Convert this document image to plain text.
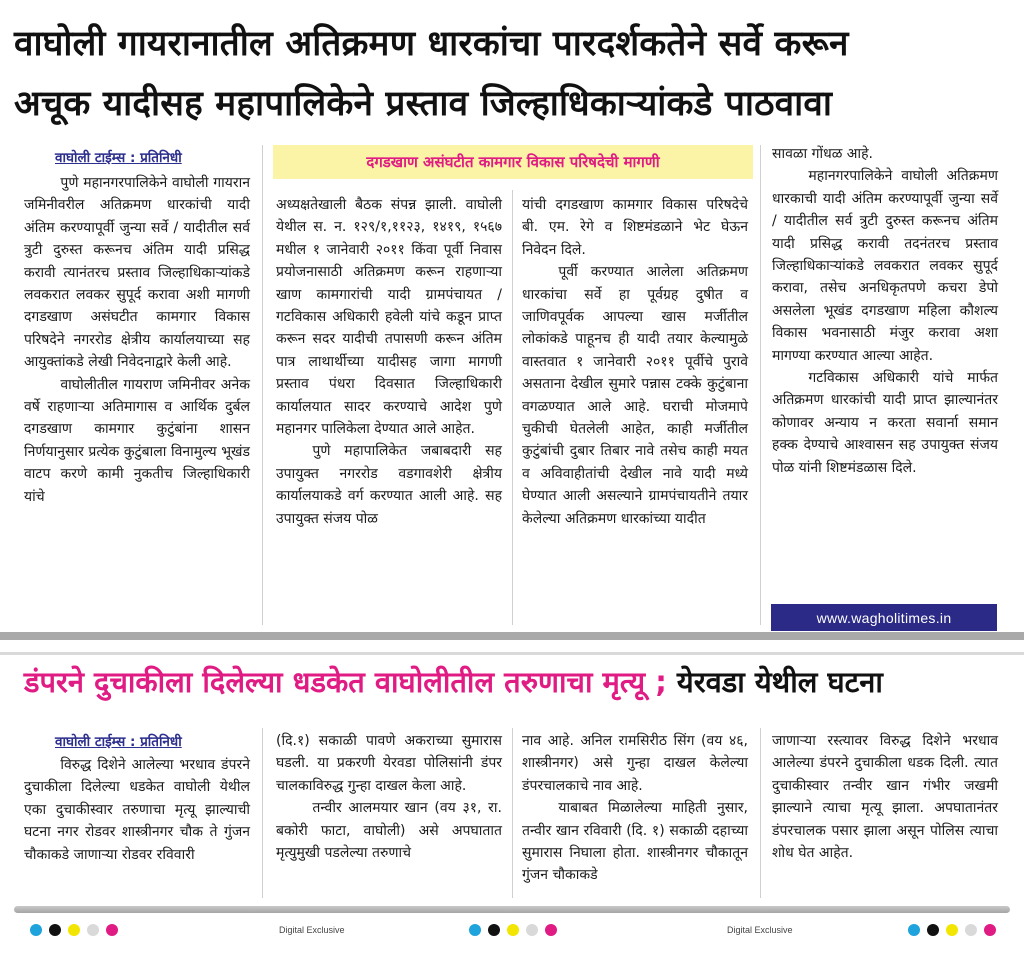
वाघोली गायरानातील अतिक्रमण धारकांचा पारदर्शकतेने सर्वे करून
अचूक यादीसह महापालिकेने प्रस्ताव जिल्हाधिकाऱ्यांकडे पाठवावा
वाघोली टाईम्स : प्रतिनिधी	दगडखाण असंघटीत कामगार विकास परिषदेची मागणी

पुणे महानगरपालिकेने वाघोली गायरान जमिनीवरील अतिक्रमण धारकांची यादी अंतिम करण्यापूर्वी जुन्या सर्वे / यादीतील सर्व त्रुटी दुरुस्त करूनच अंतिम यादी प्रसिद्ध करावी त्यानंतरच प्रस्ताव जिल्हाधिकाऱ्यांकडे लवकरात लवकर सुपूर्द करावा अशी मागणी दगडखाण असंघटीत कामगार विकास परिषदेने नगररोड क्षेत्रीय कार्यालयाच्या सह आयुक्तांकडे लेखी निवेदनाद्वारे केली आहे.

वाघोलीतील गायराण जमिनीवर अनेक वर्षे राहणाऱ्या अतिमागास व आर्थिक दुर्बल दगडखाण कामगार कुटुंबांना शासन निर्णयानुसार प्रत्येक कुटुंबाला विनामुल्य भूखंड वाटप करणे कामी नुकतीच जिल्हाधिकारी यांचे

अध्यक्षतेखाली बैठक संपन्न झाली. वाघोली येथील स. न. १२९/१,११२३, १४१९, १५६७ मधील १ जानेवारी २०११ किंवा पूर्वी निवास प्रयोजनासाठी अतिक्रमण करून राहणाऱ्या खाण कामगारांची यादी ग्रामपंचायत / गटविकास अधिकारी हवेली यांचे कडून प्राप्त करून सदर यादीची तपासणी करून अंतिम पात्र लाथार्थीच्या यादीसह जागा मागणी प्रस्ताव पंधरा दिवसात जिल्हाधिकारी कार्यालयात सादर करण्याचे आदेश पुणे महानगर पालिकेला देण्यात आले आहेत.

पुणे महापालिकेत जबाबदारी सह उपायुक्त नगररोड वडगावशेरी क्षेत्रीय कार्यालयाकडे वर्ग करण्यात आली आहे. सह उपायुक्त संजय पोळ

यांची दगडखाण कामगार विकास परिषदेचे बी. एम. रेगे व शिष्टमंडळाने भेट घेऊन निवेदन दिले.

पूर्वी करण्यात आलेला अतिक्रमण धारकांचा सर्वे हा पूर्वग्रह दुषीत व जाणिवपूर्वक आपल्या खास मर्जीतील लोकांकडे पाहूनच ही यादी तयार केल्यामुळे वास्तवात १ जानेवारी २०११ पूर्वीचे पुरावे असताना देखील सुमारे पन्नास टक्के कुटुंबाना वगळण्यात आले आहे. घराची मोजमापे चुकीची घेतलेली आहेत, काही मर्जीतील कुटुंबांची दुबार तिबार नावे तसेच काही मयत व अविवाहीतांची देखील नावे यादी मध्ये घेण्यात आली असल्याने ग्रामपंचायतीने तयार केलेल्या अतिक्रमण धारकांच्या यादीत

सावळा गोंधळ आहे.

महानगरपालिकेने वाघोली अतिक्रमण धारकाची यादी अंतिम करण्यापूर्वी जुन्या सर्वे / यादीतील सर्व त्रुटी दुरुस्त करूनच अंतिम यादी प्रसिद्ध करावी तदनंतरच प्रस्ताव जिल्हाधिकाऱ्यांकडे लवकरात लवकर सुपूर्द करावा, तसेच अनधिकृतपणे कचरा डेपो असलेला भूखंड दगडखाण महिला कौशल्य विकास भवनासाठी मंजुर करावा अशा मागण्या करण्यात आल्या आहेत.

गटविकास अधिकारी यांचे मार्फत अतिक्रमण धारकांची यादी प्राप्त झाल्यानंतर कोणावर अन्याय न करता सवार्ना समान हक्क देण्याचे आश्वासन सह उपायुक्त संजय पोळ यांनी शिष्टमंडळास दिले.

www.wagholitimes.in
डंपरने दुचाकीला दिलेल्या धडकेत वाघोलीतील तरुणाचा मृत्यू ; येरवडा येथील घटना
वाघोली टाईम्स : प्रतिनिधी

विरुद्ध दिशेने आलेल्या भरधाव डंपरने दुचाकीला दिलेल्या धडकेत वाघोली येथील एका दुचाकीस्वार तरुणाचा मृत्यू झाल्याची घटना नगर रोडवर शास्त्रीनगर चौक ते गुंजन चौकाकडे जाणाऱ्या रोडवर रविवारी

(दि.१) सकाळी पावणे अकराच्या सुमारास घडली. या प्रकरणी येरवडा पोलिसांनी डंपर चालकाविरुद्ध गुन्हा दाखल केला आहे.

तन्वीर आलमयार खान (वय ३१, रा. बकोरी फाटा, वाघोली) असे अपघातात मृत्युमुखी पडलेल्या तरुणाचे

नाव आहे. अनिल रामसिरीठ सिंग (वय ४६, शास्त्रीनगर) असे गुन्हा दाखल केलेल्या डंपरचालकाचे नाव आहे.

याबाबत मिळालेल्या माहिती नुसार, तन्वीर खान रविवारी (दि. १) सकाळी दहाच्या सुमारास निघाला होता. शास्त्रीनगर चौकातून गुंजन चौकाकडे

जाणाऱ्या रस्त्यावर विरुद्ध दिशेने भरधाव आलेल्या डंपरने दुचाकीला धडक दिली. त्यात दुचाकीस्वार तन्वीर खान गंभीर जखमी झाल्याने त्याचा मृत्यू झाला. अपघातानंतर डंपरचालक पसार झाला असून पोलिस त्याचा शोध घेत आहेत.

Digital Exclusive	Digital Exclusive
